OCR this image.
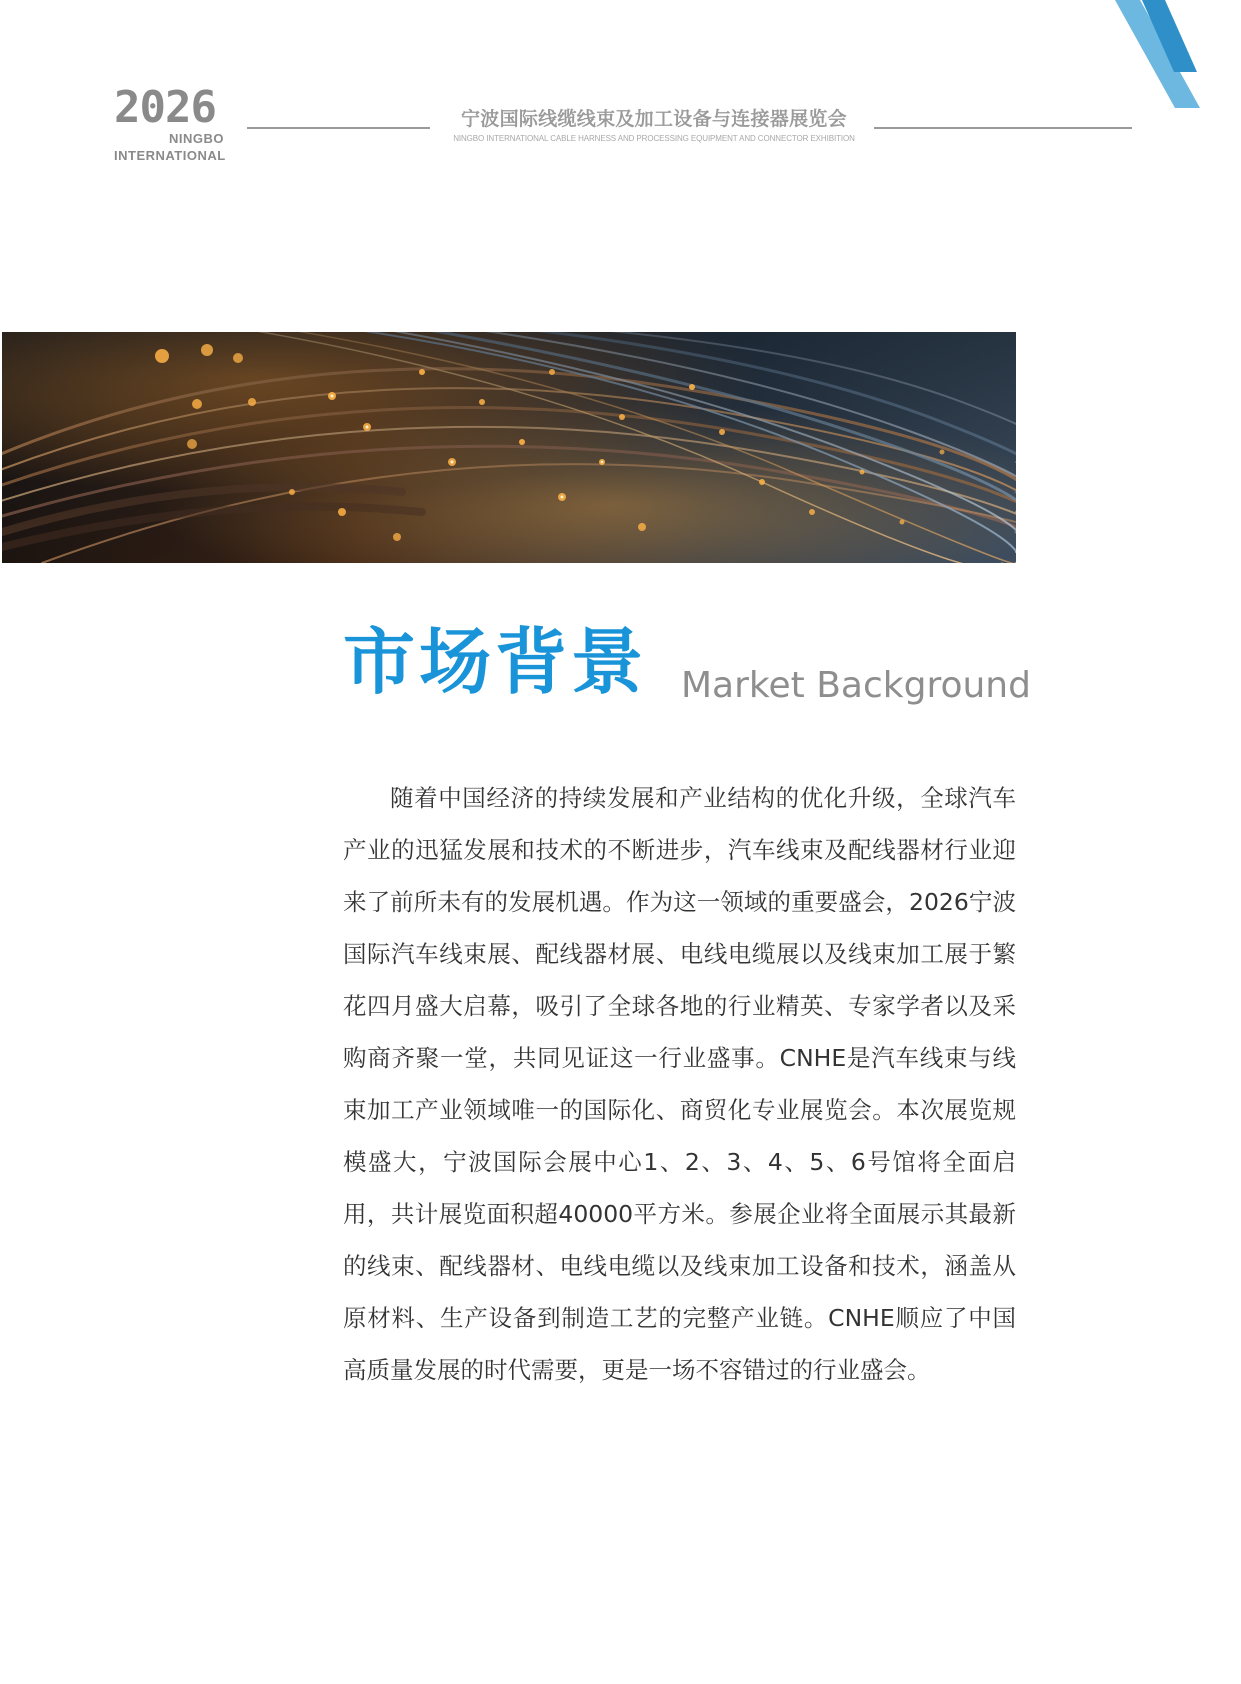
2026
NINGBO
INTERNATIONAL
宁波国际线缆线束及加工设备与连接器展览会
NINGBO INTERNATIONAL CABLE HARNESS AND PROCESSING EQUIPMENT AND CONNECTOR EXHIBITION
市场背景 Market Background

随着中国经济的持续发展和产业结构的优化升级，全球汽车产业的迅猛发展和技术的不断进步，汽车线束及配线器材行业迎来了前所未有的发展机遇。作为这一领域的重要盛会，2026宁波国际汽车线束展、配线器材展、电线电缆展以及线束加工展于繁花四月盛大启幕，吸引了全球各地的行业精英、专家学者以及采购商齐聚一堂，共同见证这一行业盛事。CNHE是汽车线束与线束加工产业领域唯一的国际化、商贸化专业展览会。本次展览规模盛大，宁波国际会展中心1、2、3、4、5、6号馆将全面启用，共计展览面积超40000平方米。参展企业将全面展示其最新的线束、配线器材、电线电缆以及线束加工设备和技术，涵盖从原材料、生产设备到制造工艺的完整产业链。CNHE顺应了中国高质量发展的时代需要，更是一场不容错过的行业盛会。
